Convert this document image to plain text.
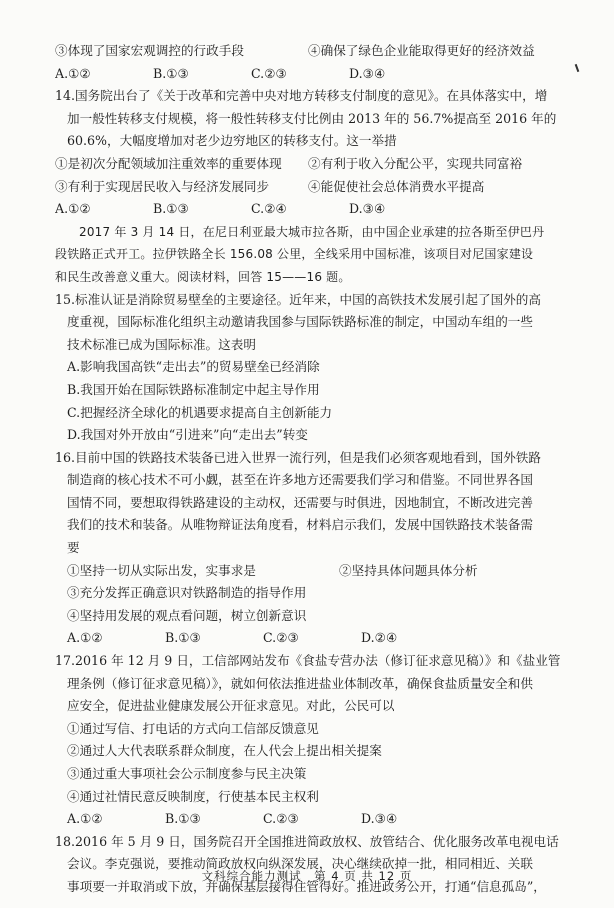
③体现了国家宏观调控的行政手段	④确保了绿色企业能取得更好的经济效益
A.①②	B.①③	C.②③	D.③④
14.国务院出台了《关于改革和完善中央对地方转移支付制度的意见》。在具体落实中，增
加一般性转移支付规模，将一般性转移支付比例由 2013 年的 56.7%提高至 2016 年的
60.6%，大幅度增加对老少边穷地区的转移支付。这一举措
①是初次分配领域加注重效率的重要体现	②有利于收入分配公平，实现共同富裕
③有利于实现居民收入与经济发展同步	④能促使社会总体消费水平提高
A.①②	B.①③	C.②④	D.③④
2017 年 3 月 14 日，在尼日利亚最大城市拉各斯，由中国企业承建的拉各斯至伊巴丹
段铁路正式开工。拉伊铁路全长 156.08 公里，全线采用中国标准，该项目对尼国家建设
和民生改善意义重大。阅读材料，回答 15——16 题。
15.标准认证是消除贸易壁垒的主要途径。近年来，中国的高铁技术发展引起了国外的高
度重视，国际标准化组织主动邀请我国参与国际铁路标准的制定，中国动车组的一些
技术标准已成为国际标准。这表明
A.影响我国高铁“走出去”的贸易壁垒已经消除
B.我国开始在国际铁路标准制定中起主导作用
C.把握经济全球化的机遇要求提高自主创新能力
D.我国对外开放由“引进来”向“走出去”转变
16.目前中国的铁路技术装备已进入世界一流行列，但是我们必须客观地看到，国外铁路
制造商的核心技术不可小觑，甚至在许多地方还需要我们学习和借鉴。不同世界各国
国情不同，要想取得铁路建设的主动权，还需要与时俱进，因地制宜，不断改进完善
我们的技术和装备。从唯物辩证法角度看，材料启示我们，发展中国铁路技术装备需
要
①坚持一切从实际出发，实事求是	②坚持具体问题具体分析
③充分发挥正确意识对铁路制造的指导作用
④坚持用发展的观点看问题，树立创新意识
A.①②	B.①③	C.②③	D.②④
17.2016 年 12 月 9 日，工信部网站发布《食盐专营办法（修订征求意见稿）》和《盐业管
理条例（修订征求意见稿）》，就如何依法推进盐业体制改革，确保食盐质量安全和供
应安全，促进盐业健康发展公开征求意见。对此，公民可以
①通过写信、打电话的方式向工信部反馈意见
②通过人大代表联系群众制度，在人代会上提出相关提案
③通过重大事项社会公示制度参与民主决策
④通过社情民意反映制度，行使基本民主权利
A.①②	B.①③	C.②③	D.③④
18.2016 年 5 月 9 日，国务院召开全国推进简政放权、放管结合、优化服务改革电视电话
会议。李克强说，要推动简政放权向纵深发展，决心继续砍掉一批，相同相近、关联
事项要一并取消或下放，并确保基层接得住管得好。推进政务公开，打通“信息孤岛”，
文科综合能力测试　第 4 页 共 12 页
